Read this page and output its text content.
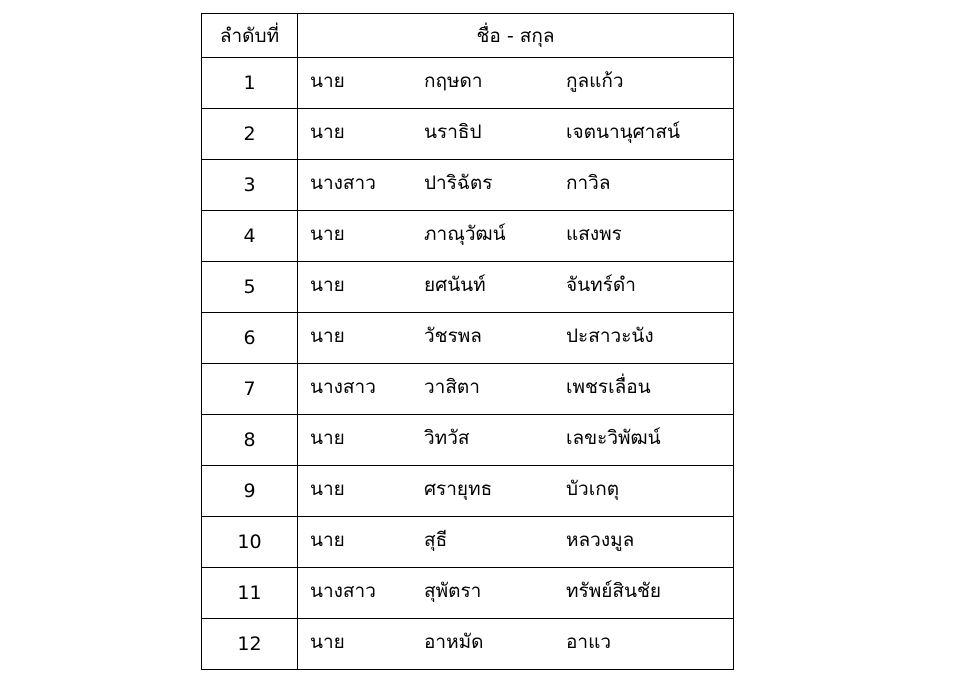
ลำดับที่	ชื่อ - สกุล
1	นาย กฤษดา กูลแก้ว

2	นาย นราธิป เจตนานุศาสน์

3	นางสาว ปาริฉัตร กาวิล

4	นาย ภาณุวัฒน์ แสงพร

5	นาย ยศนันท์ จันทร์ดำ

6	นาย วัชรพล ปะสาวะนัง

7	นางสาว วาสิตา เพชรเลื่อน

8	นาย วิทวัส เลขะวิพัฒน์

9	นาย ศรายุทธ บัวเกตุ

10	นาย สุธี หลวงมูล

11	นางสาว สุพัตรา ทรัพย์สินชัย

12	นาย อาหมัด อาแว
